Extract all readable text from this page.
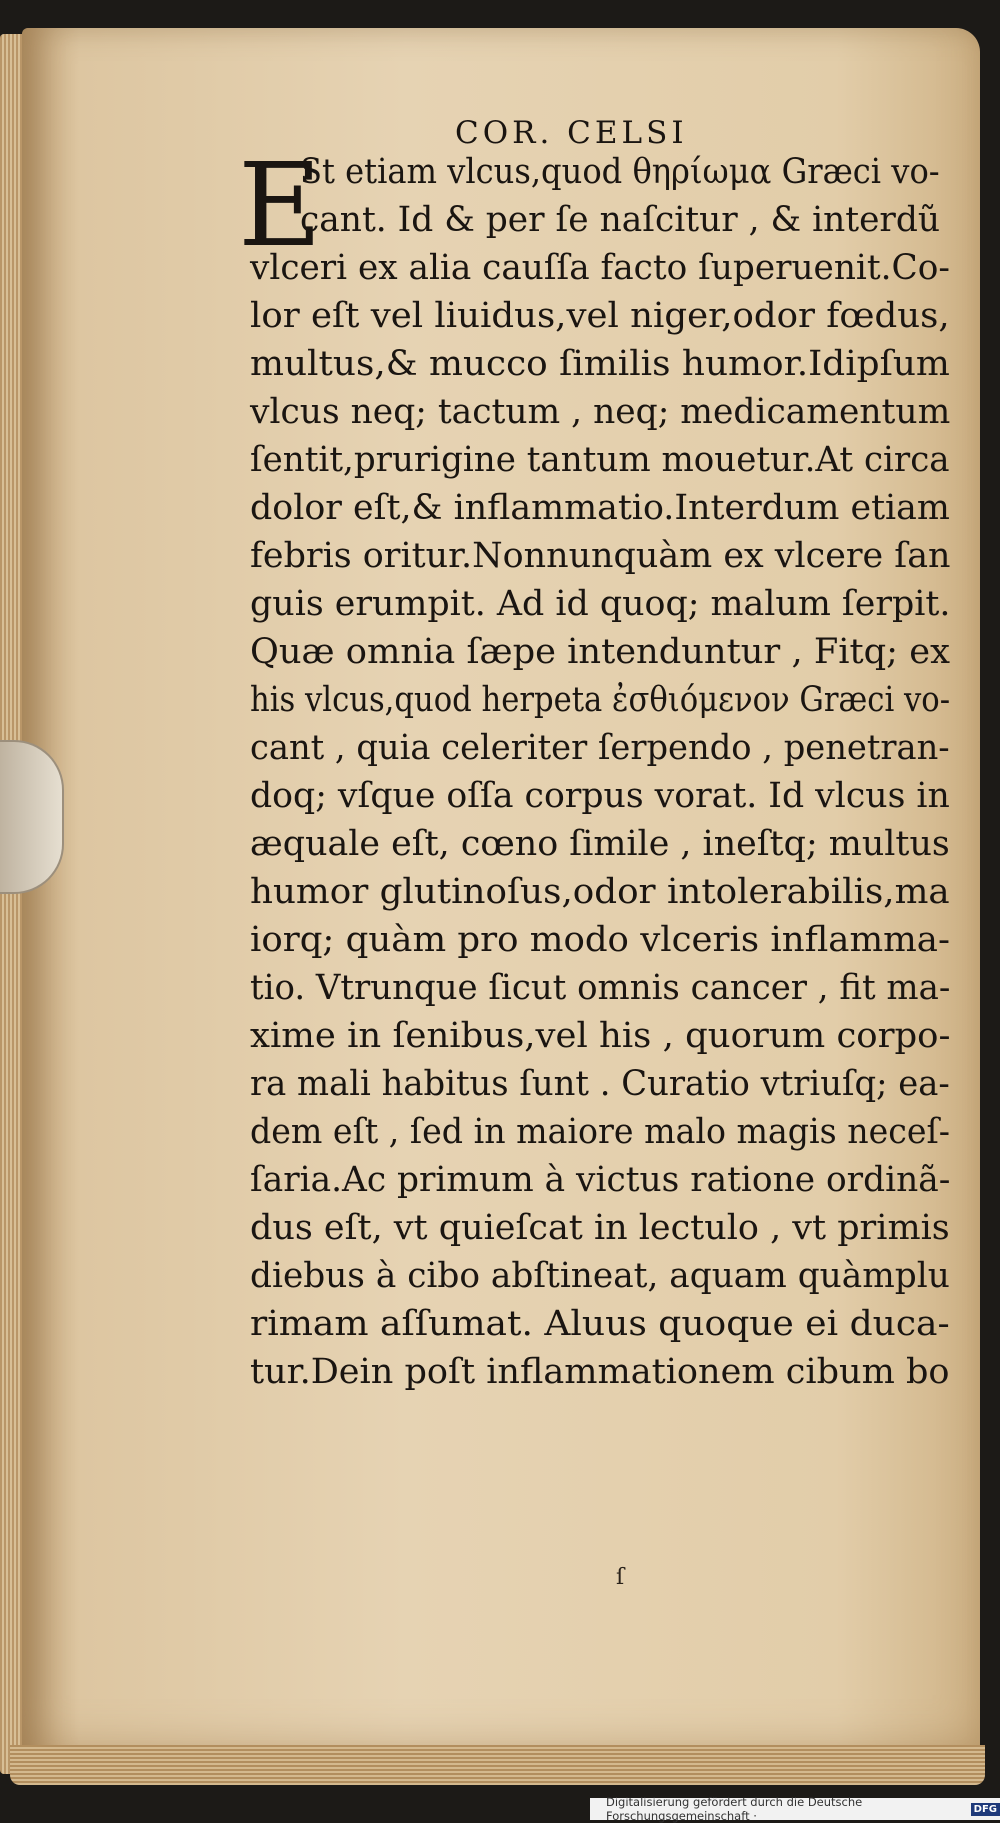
COR. CELSI
E
St etiam vlcus,quod θηρίωμα Græci vo-
cant. Id & per ſe naſcitur , & interdũ
vlceri ex alia cauſſa facto ſuperuenit.Co-
lor eſt vel liuidus,vel niger,odor fœdus,
multus,& mucco ſimilis humor.Idipſum
vlcus neq; tactum , neq; medicamentum
ſentit,prurigine tantum mouetur.At circa
dolor eſt,& inflammatio.Interdum etiam
febris oritur.Nonnunquàm ex vlcere ſan
guis erumpit. Ad id quoq; malum ſerpit.
Quæ omnia ſæpe intenduntur , Fitq; ex
his vlcus,quod herpeta ἐσθιόμενον Græci vo-
cant , quia celeriter ſerpendo , penetran-
doq; vſque oſſa corpus vorat. Id vlcus in
æquale eſt, cœno ſimile , ineſtq; multus
humor glutinoſus,odor intolerabilis,ma
iorq; quàm pro modo vlceris inflamma-
tio. Vtrunque ſicut omnis cancer , fit ma-
xime in ſenibus,vel his , quorum corpo-
ra mali habitus ſunt . Curatio vtriuſq; ea-
dem eſt , ſed in maiore malo magis neceſ-
ſaria.Ac primum à victus ratione ordinã-
dus eſt, vt quieſcat in lectulo , vt primis
diebus à cibo abſtineat, aquam quàmplu
rimam aſſumat. Aluus quoque ei duca-
tur.Dein poſt inflammationem cibum bo
ſ
Digitalisierung gefördert durch die Deutsche Forschungsgemeinschaft ·	DFG
